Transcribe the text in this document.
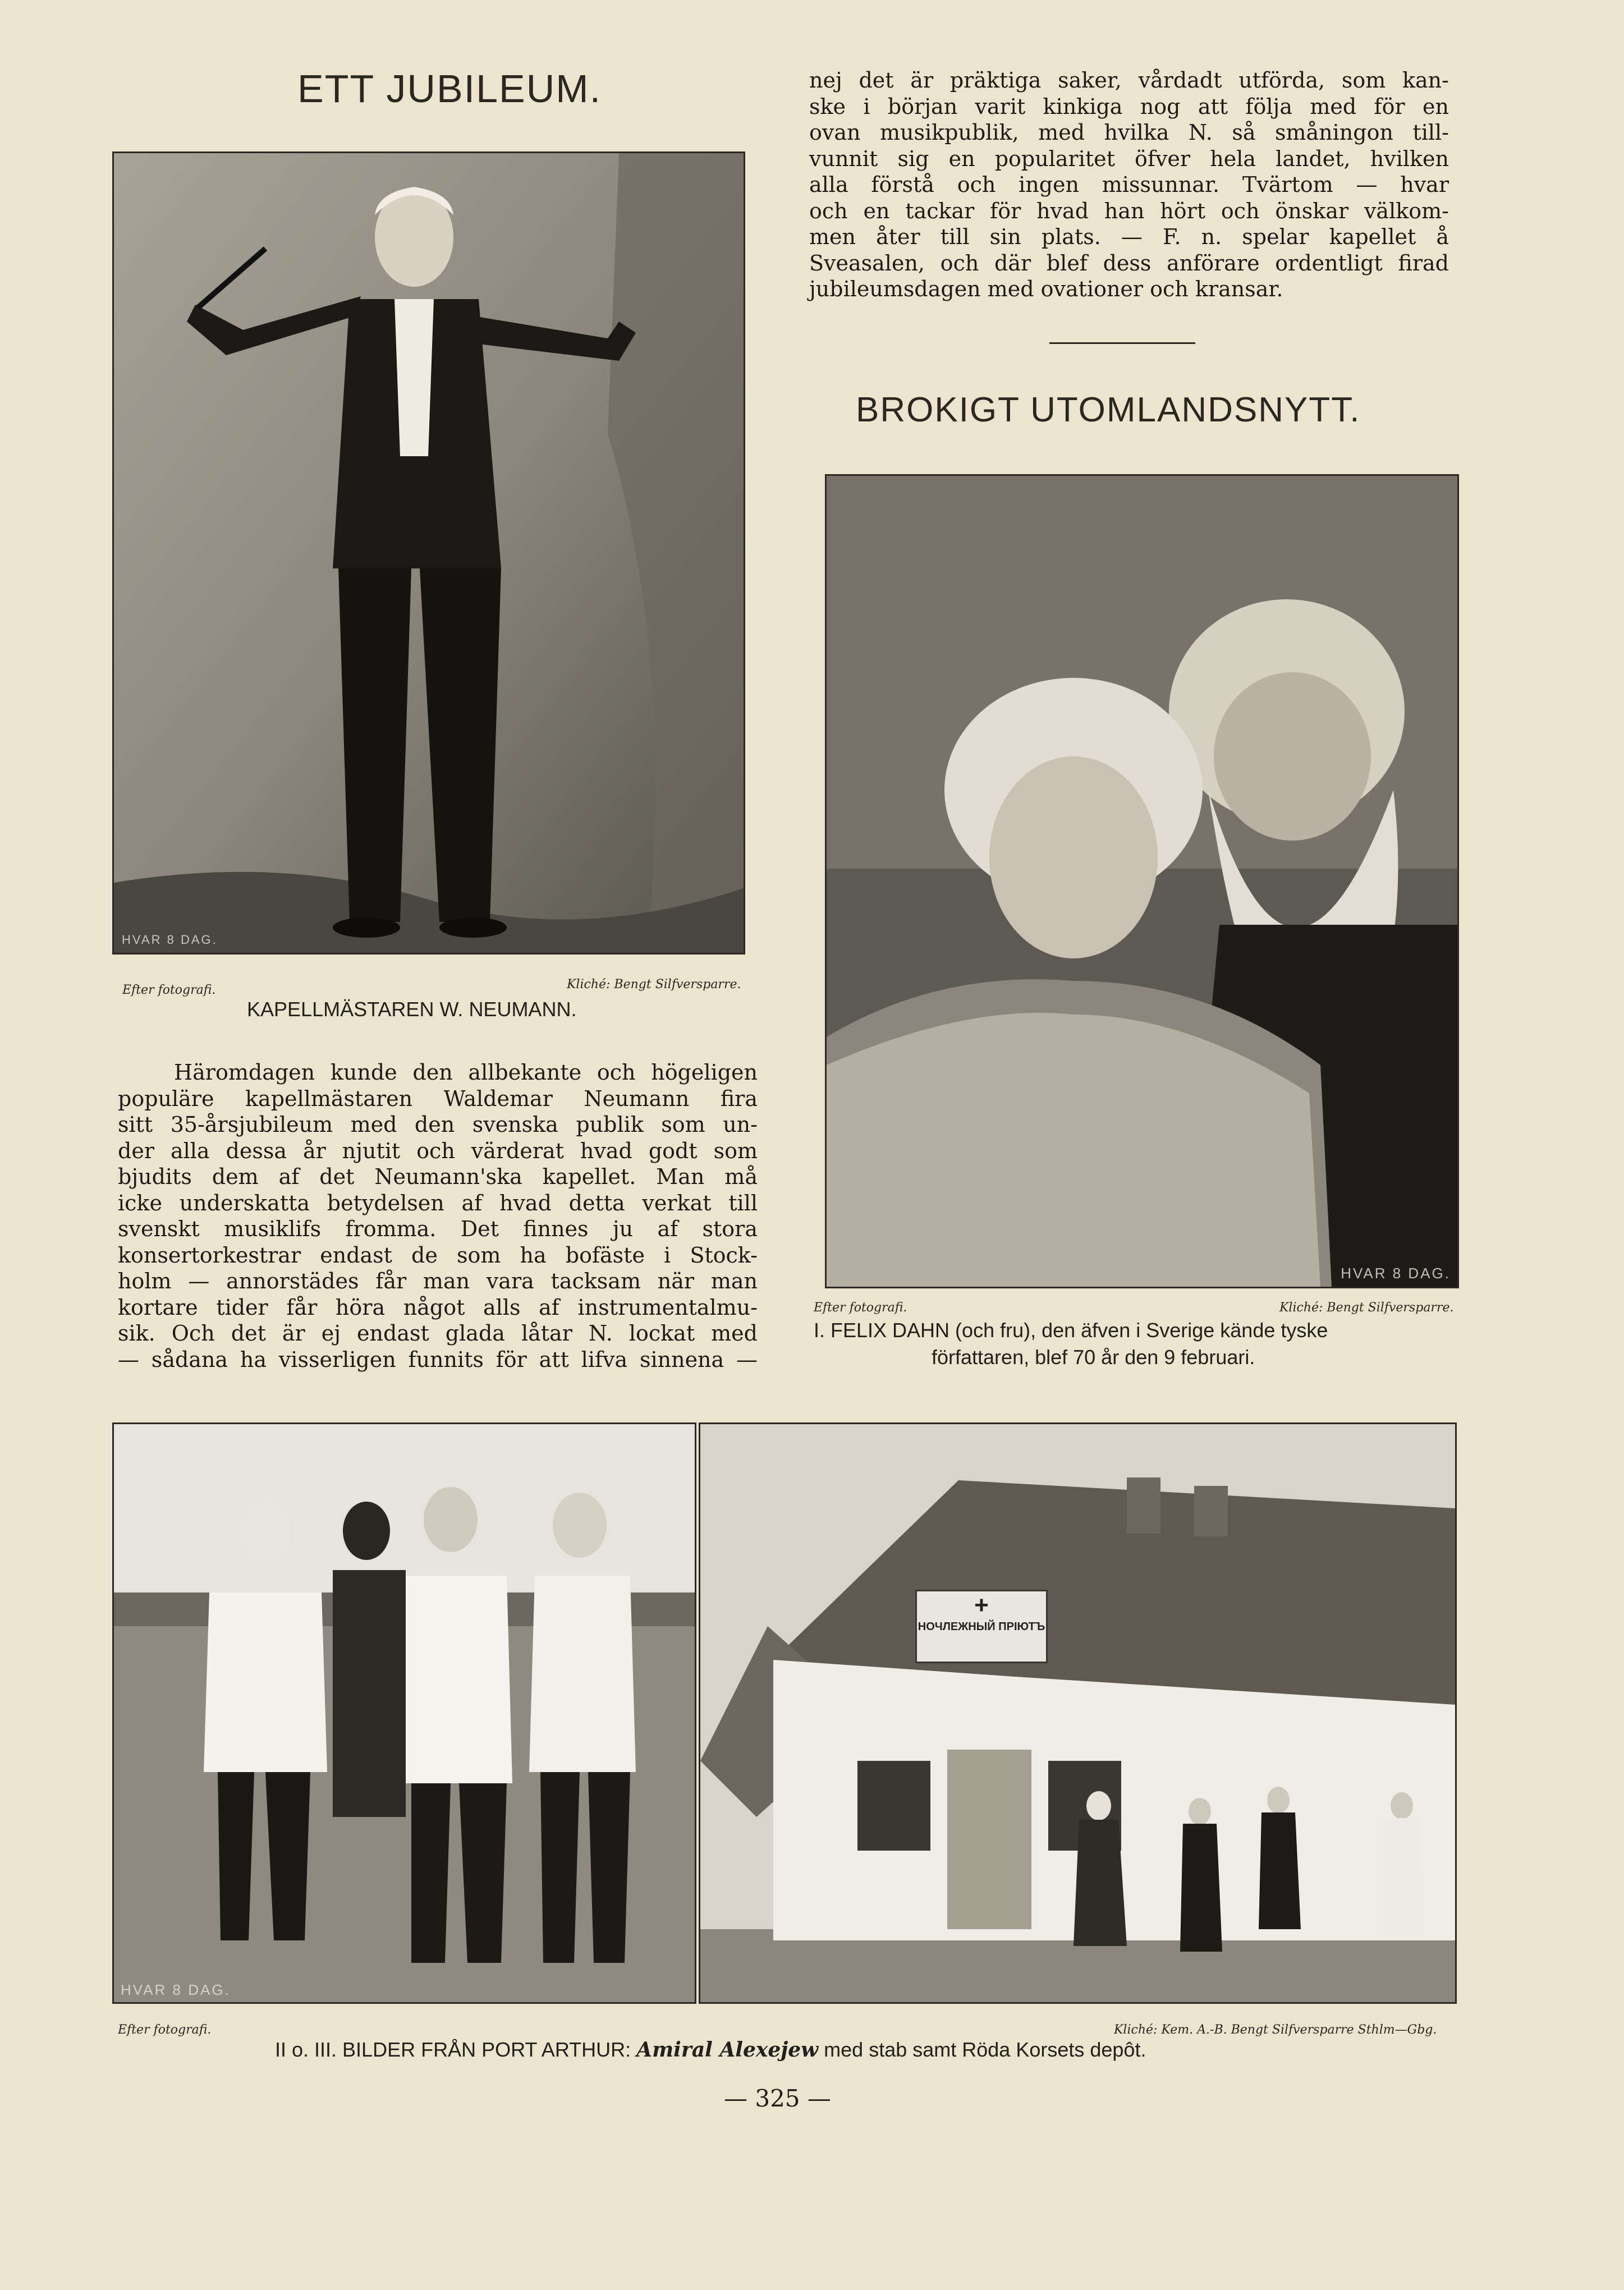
ETT JUBILEUM.
HVAR 8 DAG.
Efter fotografi.	Kliché: Bengt Silfversparre.
KAPELLMÄSTAREN W. NEUMANN.
Häromdagen kunde den allbekante och högeligen
populäre kapellmästaren Waldemar Neumann fira
sitt 35-årsjubileum med den svenska publik som un-
der alla dessa år njutit och värderat hvad godt som
bjudits dem af det Neumann'ska kapellet. Man må
icke underskatta betydelsen af hvad detta verkat till
svenskt musiklifs fromma. Det finnes ju af stora
konsertorkestrar endast de som ha bofäste i Stock-
holm — annorstädes får man vara tacksam när man
kortare tider får höra något alls af instrumentalmu-
sik. Och det är ej endast glada låtar N. lockat med
— sådana ha visserligen funnits för att lifva sinnena —
nej det är präktiga saker, vårdadt utförda, som kan-
ske i början varit kinkiga nog att följa med för en
ovan musikpublik, med hvilka N. så småningon till-
vunnit sig en popularitet öfver hela landet, hvilken
alla förstå och ingen missunnar. Tvärtom — hvar
och en tackar för hvad han hört och önskar välkom-
men åter till sin plats. — F. n. spelar kapellet å
Sveasalen, och där blef dess anförare ordentligt firad
jubileumsdagen med ovationer och kransar.
BROKIGT UTOMLANDSNYTT.
HVAR 8 DAG.
Efter fotografi.	Kliché: Bengt Silfversparre.
I. FELIX DAHN (och fru), den äfven i Sverige kände tyske
författaren, blef 70 år den 9 februari.
HVAR 8 DAG.
+
НОЧЛЕЖНЫЙ ПРІЮТЪ
Efter fotografi.	Kliché: Kem. A.-B. Bengt Silfversparre Sthlm—Gbg.
II o. III. BILDER FRÅN PORT ARTHUR: Amiral Alexejew med stab samt Röda Korsets depôt.
— 325 —
